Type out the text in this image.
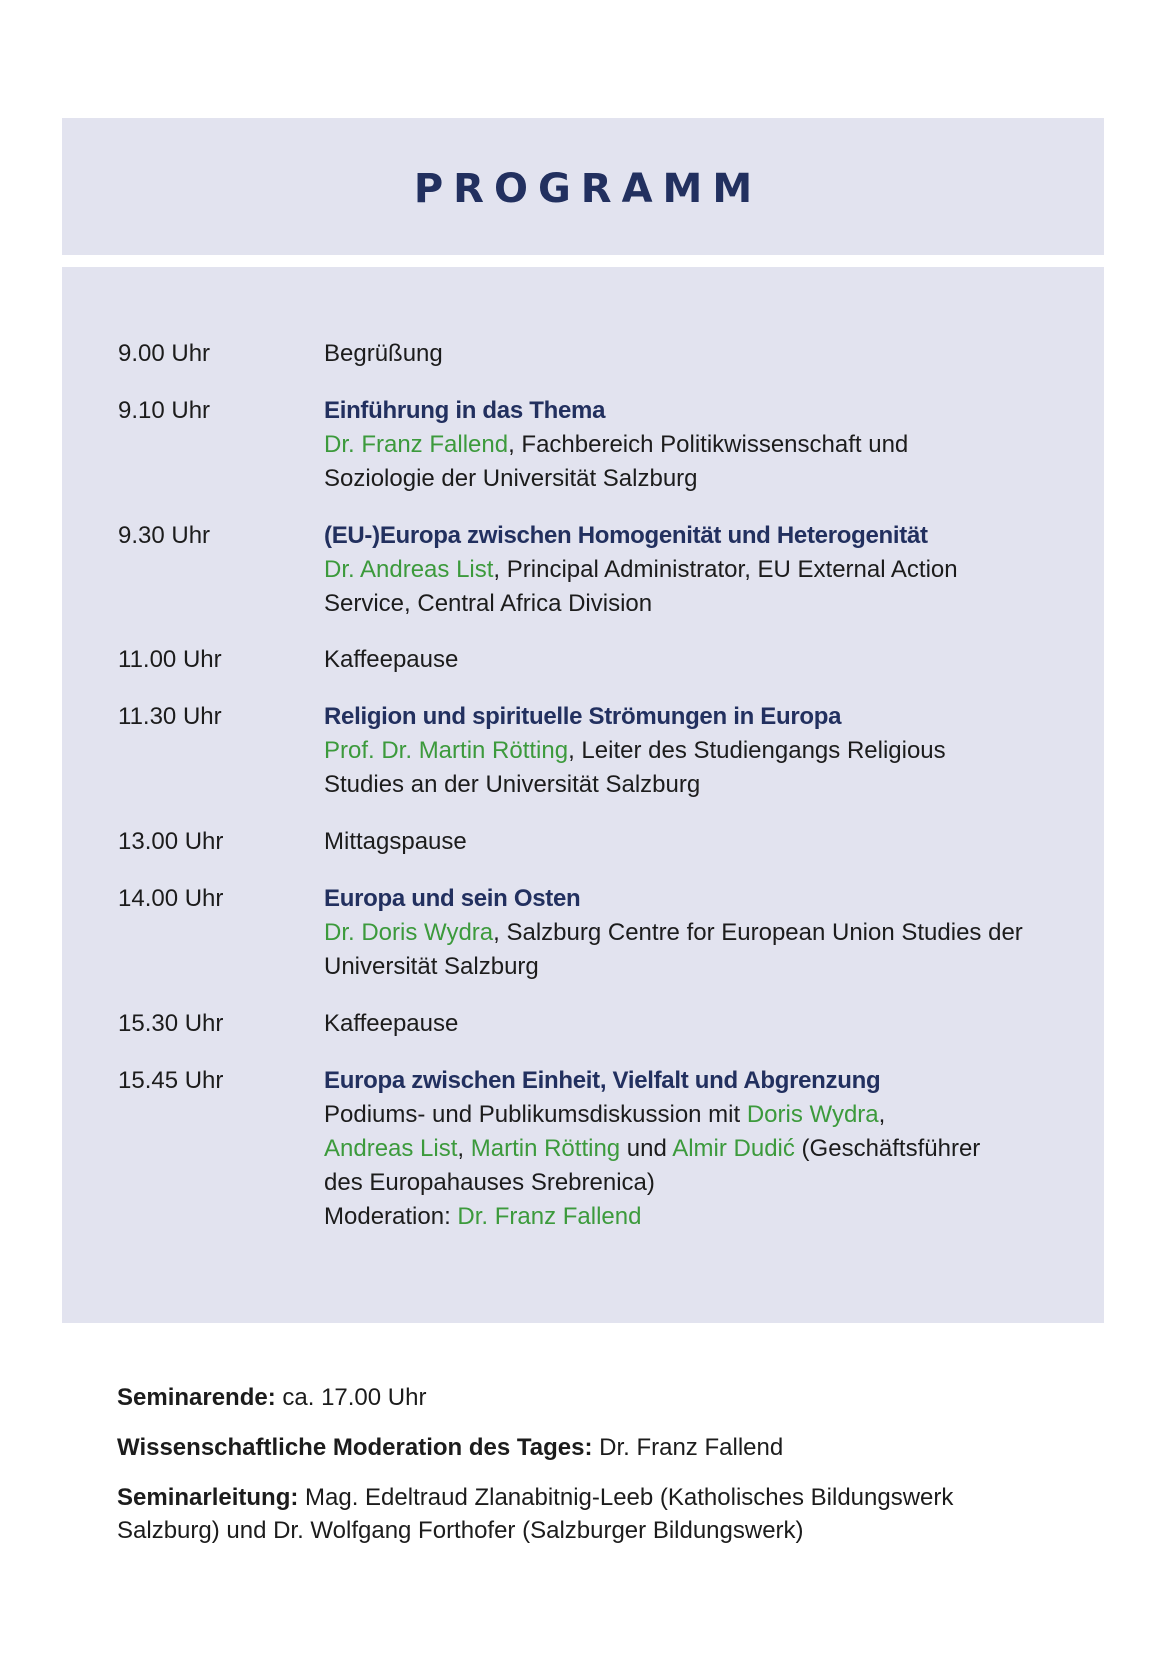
PROGRAMM
9.00 Uhr	Begrüßung
9.10 Uhr	Einführung in das Thema
Dr. Franz Fallend, Fachbereich Politikwissenschaft und Soziologie der Universität Salzburg
9.30 Uhr	(EU-)Europa zwischen Homogenität und Heterogenität
Dr. Andreas List, Principal Administrator, EU External Action Service, Central Africa Division
11.00 Uhr	Kaffeepause
11.30 Uhr	Religion und spirituelle Strömungen in Europa
Prof. Dr. Martin Rötting, Leiter des Studiengangs Religious Studies an der Universität Salzburg
13.00 Uhr	Mittagspause
14.00 Uhr	Europa und sein Osten
Dr. Doris Wydra, Salzburg Centre for European Union Studies der Universität Salzburg
15.30 Uhr	Kaffeepause
15.45 Uhr	Europa zwischen Einheit, Vielfalt und Abgrenzung
Podiums- und Publikumsdiskussion mit Doris Wydra,
Andreas List, Martin Rötting und Almir Dudić (Geschäftsführer des Europahauses Srebrenica)
Moderation: Dr. Franz Fallend
Seminarende: ca. 17.00 Uhr
Wissenschaftliche Moderation des Tages: Dr. Franz Fallend
Seminarleitung: Mag. Edeltraud Zlanabitnig-Leeb (Katholisches Bildungswerk Salzburg) und Dr. Wolfgang Forthofer (Salzburger Bildungswerk)
